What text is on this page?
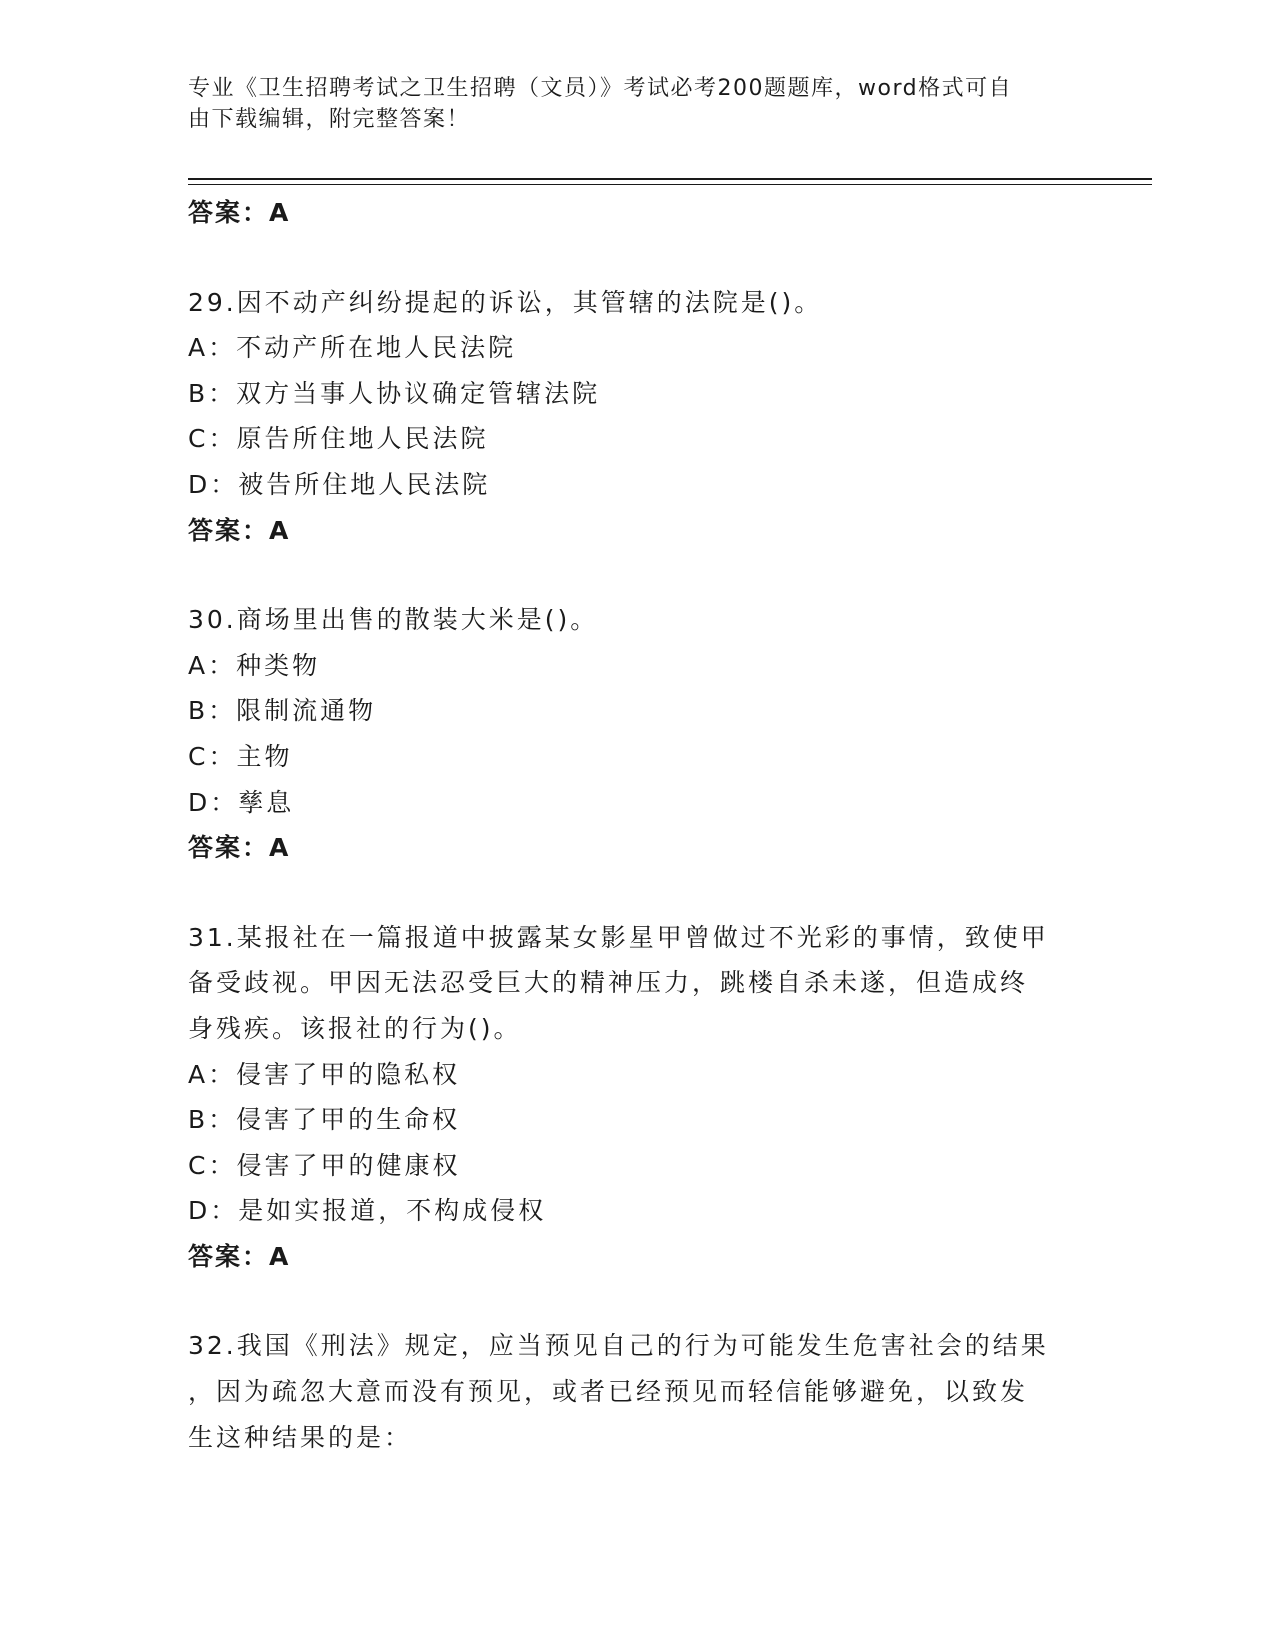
专业《卫生招聘考试之卫生招聘（文员）》考试必考200题题库，word格式可自
由下载编辑，附完整答案！
答案：A
29.因不动产纠纷提起的诉讼，其管辖的法院是()。
A：不动产所在地人民法院
B：双方当事人协议确定管辖法院
C：原告所住地人民法院
D：被告所住地人民法院
答案：A
30.商场里出售的散装大米是()。
A：种类物
B：限制流通物
C：主物
D：孳息
答案：A
31.某报社在一篇报道中披露某女影星甲曾做过不光彩的事情，致使甲
备受歧视。甲因无法忍受巨大的精神压力，跳楼自杀未遂，但造成终
身残疾。该报社的行为()。
A：侵害了甲的隐私权
B：侵害了甲的生命权
C：侵害了甲的健康权
D：是如实报道，不构成侵权
答案：A
32.我国《刑法》规定，应当预见自己的行为可能发生危害社会的结果
，因为疏忽大意而没有预见，或者已经预见而轻信能够避免，以致发
生这种结果的是：
